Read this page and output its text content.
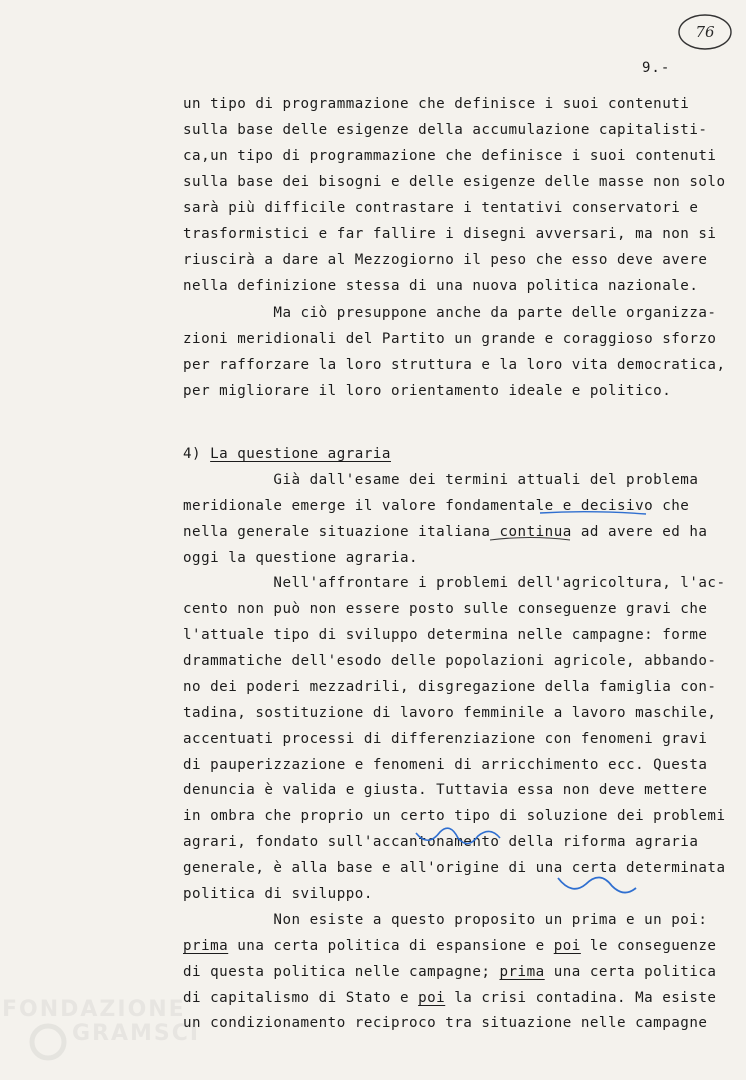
76
9.-
un tipo di programmazione che definisce i suoi contenuti
sulla base delle esigenze della accumulazione capitalisti-
ca,un tipo di programmazione che definisce i suoi contenuti
sulla base dei bisogni e delle esigenze delle masse non solo
sarà più difficile contrastare i tentativi conservatori e
trasformistici e far fallire i disegni avversari, ma non si
riuscirà a dare al Mezzogiorno il peso che esso deve avere
nella definizione stessa di una nuova politica nazionale.
Ma ciò presuppone anche da parte delle organizza-
zioni meridionali del Partito un grande e coraggioso sforzo
per rafforzare la loro struttura e la loro vita democratica,
per migliorare il loro orientamento ideale e politico.
4) La questione agraria
Già dall'esame dei termini attuali del problema
meridionale emerge il valore fondamentale e decisivo che
nella generale situazione italiana continua ad avere ed ha
oggi la questione agraria.
Nell'affrontare i problemi dell'agricoltura, l'ac-
cento non può non essere posto sulle conseguenze gravi che
l'attuale tipo di sviluppo determina nelle campagne: forme
drammatiche dell'esodo delle popolazioni agricole, abbando-
no dei poderi mezzadrili, disgregazione della famiglia con-
tadina, sostituzione di lavoro femminile a lavoro maschile,
accentuati processi di differenziazione con fenomeni gravi
di pauperizzazione e fenomeni di arricchimento ecc. Questa
denuncia è valida e giusta. Tuttavia essa non deve mettere
in ombra che proprio un certo tipo di soluzione dei problemi
agrari, fondato sull'accantonamento della riforma agraria
generale, è alla base e all'origine di una certa determinata
politica di sviluppo.
Non esiste a questo proposito un prima e un poi:
prima una certa politica di espansione e poi le conseguenze
di questa politica nelle campagne; prima una certa politica
di capitalismo di Stato e poi la crisi contadina. Ma esiste
un condizionamento reciproco tra situazione nelle campagne
FONDAZIONE
GRAMSCI
